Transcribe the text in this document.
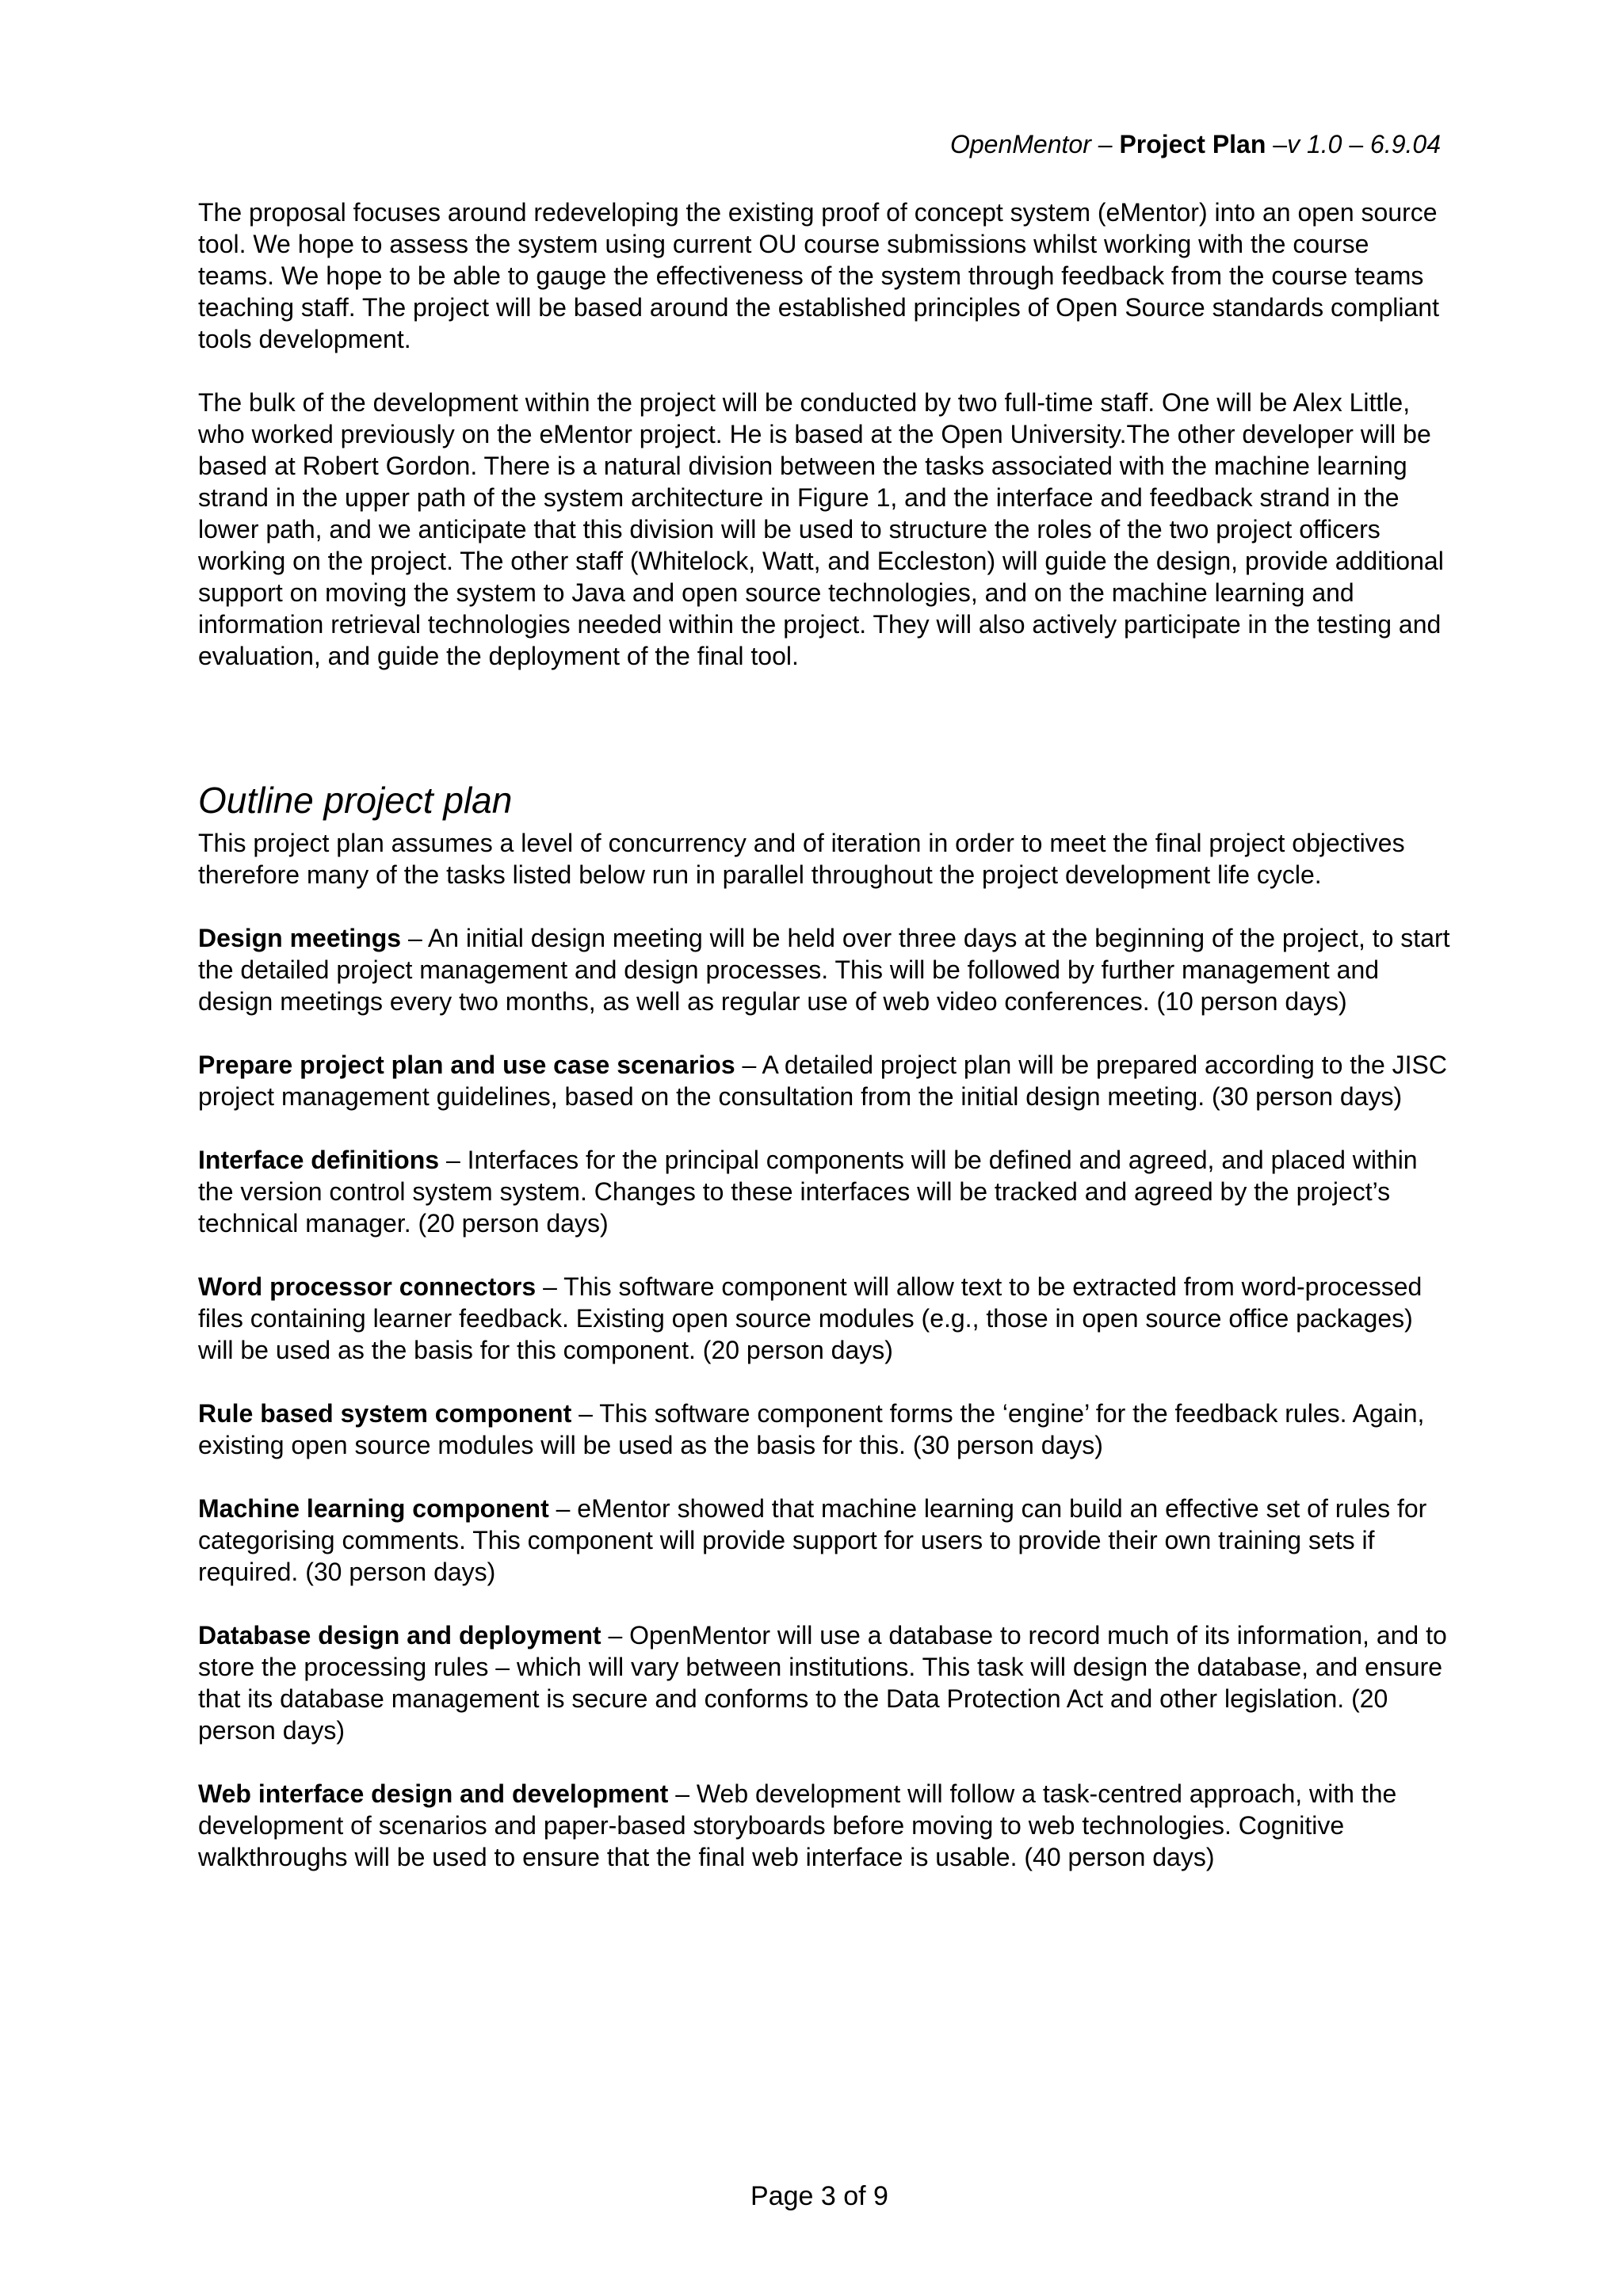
OpenMentor – Project Plan –v 1.0 – 6.9.04

The proposal focuses around redeveloping the existing proof of concept system (eMentor) into an open source tool. We hope to assess the system using current OU course submissions whilst working with the course teams. We hope to be able to gauge the effectiveness of the system through feedback from the course teams teaching staff. The project will be based around the established principles of Open Source standards compliant tools development.

The bulk of the development within the project will be conducted by two full-time staff. One will be Alex Little, who worked previously on the eMentor project. He is based at the Open University.The other developer will be based at Robert Gordon. There is a natural division between the tasks associated with the machine learning strand in the upper path of the system architecture in Figure 1, and the interface and feedback strand in the lower path, and we anticipate that this division will be used to structure the roles of the two project officers working on the project. The other staff (Whitelock, Watt, and Eccleston) will guide the design, provide additional support on moving the system to Java and open source technologies, and on the machine learning and information retrieval technologies needed within the project. They will also actively participate in the testing and evaluation, and guide the deployment of the final tool.

Outline project plan

This project plan assumes a level of concurrency and of iteration in order to meet the final project objectives therefore many of the tasks listed below run in parallel throughout the project development life cycle.

Design meetings – An initial design meeting will be held over three days at the beginning of the project, to start the detailed project management and design processes. This will be followed by further management and design meetings every two months, as well as regular use of web video conferences. (10 person days)

Prepare project plan and use case scenarios – A detailed project plan will be prepared according to the JISC project management guidelines, based on the consultation from the initial design meeting. (30 person days)

Interface definitions – Interfaces for the principal components will be defined and agreed, and placed within the version control system system. Changes to these interfaces will be tracked and agreed by the project’s technical manager. (20 person days)

Word processor connectors – This software component will allow text to be extracted from word-processed files containing learner feedback. Existing open source modules (e.g., those in open source office packages) will be used as the basis for this component. (20 person days)

Rule based system component – This software component forms the ‘engine’ for the feedback rules. Again, existing open source modules will be used as the basis for this. (30 person days)

Machine learning component – eMentor showed that machine learning can build an effective set of rules for categorising comments. This component will provide support for users to provide their own training sets if required. (30 person days)

Database design and deployment – OpenMentor will use a database to record much of its information, and to store the processing rules – which will vary between institutions. This task will design the database, and ensure that its database management is secure and conforms to the Data Protection Act and other legislation. (20 person days)

Web interface design and development – Web development will follow a task-centred approach, with the development of scenarios and paper-based storyboards before moving to web technologies. Cognitive walkthroughs will be used to ensure that the final web interface is usable. (40 person days)

Page 3 of 9
